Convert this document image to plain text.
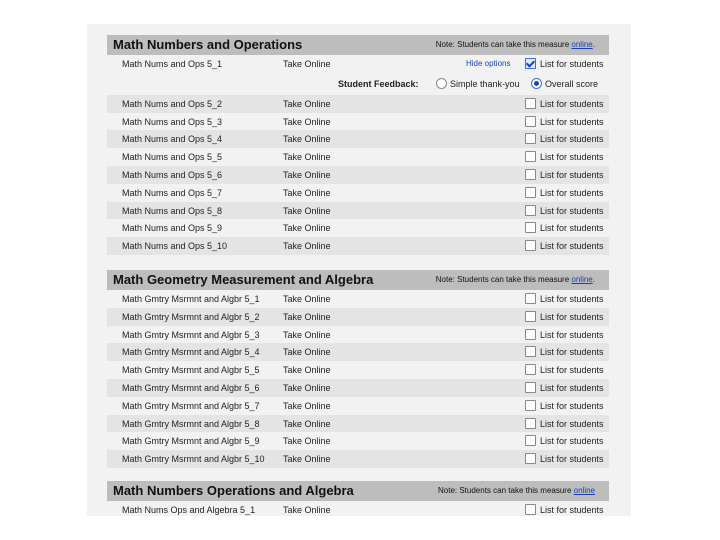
Math Numbers and Operations	Note: Students can take this measure online.
Math Nums and Ops 5_1	Take Online	Hide options	List for students
Student Feedback:	Simple thank-you	Overall score
Math Nums and Ops 5_2	Take Online	List for students
Math Nums and Ops 5_3	Take Online	List for students
Math Nums and Ops 5_4	Take Online	List for students
Math Nums and Ops 5_5	Take Online	List for students
Math Nums and Ops 5_6	Take Online	List for students
Math Nums and Ops 5_7	Take Online	List for students
Math Nums and Ops 5_8	Take Online	List for students
Math Nums and Ops 5_9	Take Online	List for students
Math Nums and Ops 5_10	Take Online	List for students
Math Geometry Measurement and Algebra	Note: Students can take this measure online.
Math Gmtry Msrmnt and Algbr 5_1	Take Online	List for students
Math Gmtry Msrmnt and Algbr 5_2	Take Online	List for students
Math Gmtry Msrmnt and Algbr 5_3	Take Online	List for students
Math Gmtry Msrmnt and Algbr 5_4	Take Online	List for students
Math Gmtry Msrmnt and Algbr 5_5	Take Online	List for students
Math Gmtry Msrmnt and Algbr 5_6	Take Online	List for students
Math Gmtry Msrmnt and Algbr 5_7	Take Online	List for students
Math Gmtry Msrmnt and Algbr 5_8	Take Online	List for students
Math Gmtry Msrmnt and Algbr 5_9	Take Online	List for students
Math Gmtry Msrmnt and Algbr 5_10 Take Online	List for students
Math Numbers Operations and Algebra	Note: Students can take this measure online
Math Nums Ops and Algebra 5_1	Take Online	List for students
